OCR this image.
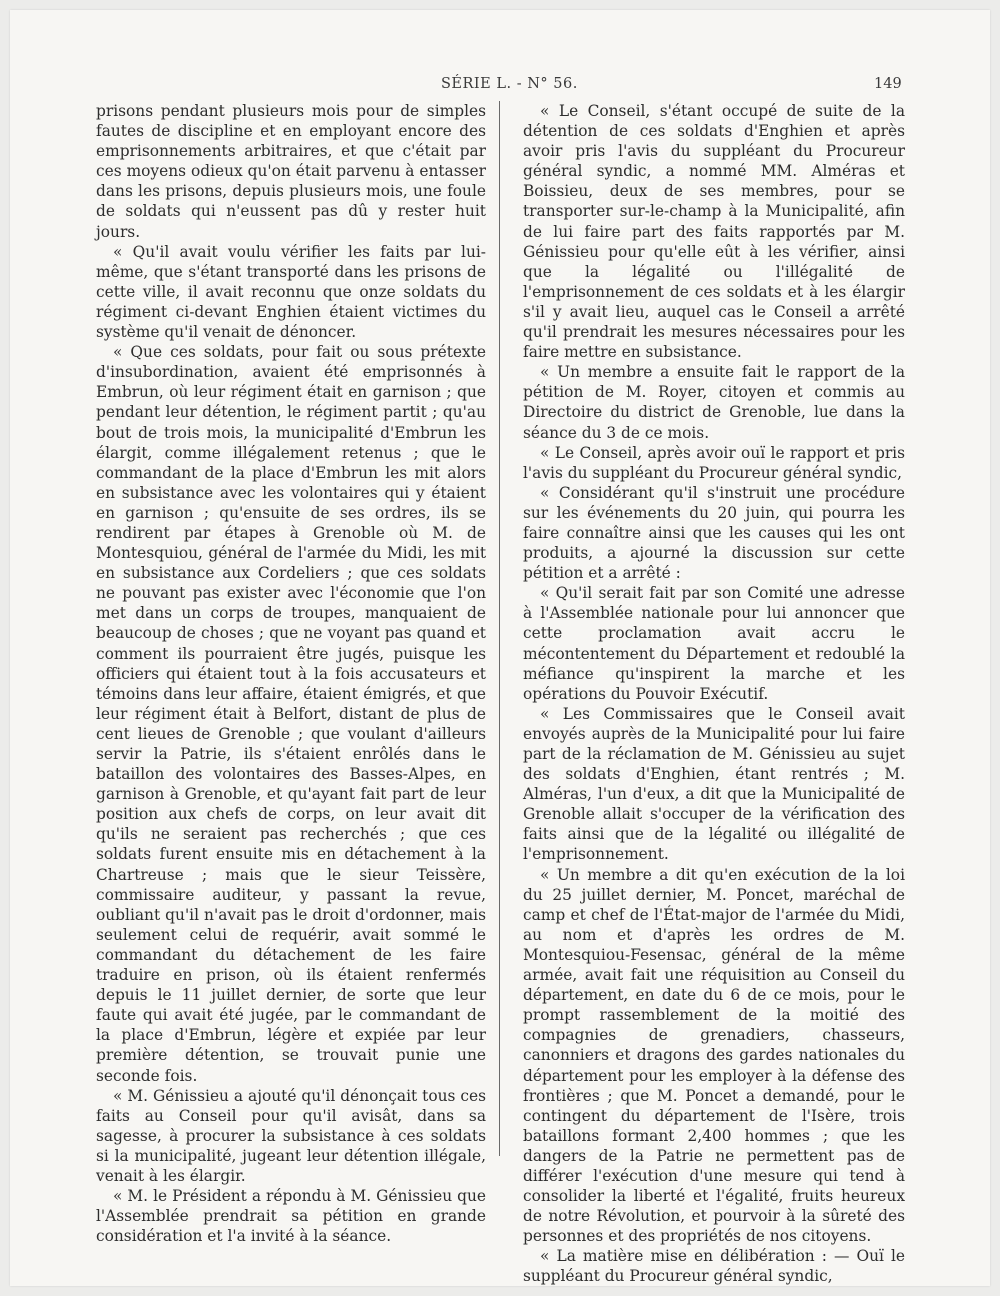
SÉRIE L. - N° 56.	149

prisons pendant plusieurs mois pour de simples fautes de discipline et en employant encore des emprisonnements arbitraires, et que c'était par ces moyens odieux qu'on était parvenu à entasser dans les prisons, depuis plusieurs mois, une foule de soldats qui n'eussent pas dû y rester huit jours.

« Qu'il avait voulu vérifier les faits par lui-même, que s'étant transporté dans les prisons de cette ville, il avait reconnu que onze soldats du régiment ci-devant Enghien étaient victimes du système qu'il venait de dénoncer.

« Que ces soldats, pour fait ou sous prétexte d'insubordination, avaient été emprisonnés à Embrun, où leur régiment était en garnison ; que pendant leur détention, le régiment partit ; qu'au bout de trois mois, la municipalité d'Embrun les élargit, comme illégalement retenus ; que le commandant de la place d'Embrun les mit alors en subsistance avec les volontaires qui y étaient en garnison ; qu'ensuite de ses ordres, ils se rendirent par étapes à Grenoble où M. de Montesquiou, général de l'armée du Midi, les mit en subsistance aux Cordeliers ; que ces soldats ne pouvant pas exister avec l'économie que l'on met dans un corps de troupes, manquaient de beaucoup de choses ; que ne voyant pas quand et comment ils pourraient être jugés, puisque les officiers qui étaient tout à la fois accusateurs et témoins dans leur affaire, étaient émigrés, et que leur régiment était à Belfort, distant de plus de cent lieues de Grenoble ; que voulant d'ailleurs servir la Patrie, ils s'étaient enrôlés dans le bataillon des volontaires des Basses-Alpes, en garnison à Grenoble, et qu'ayant fait part de leur position aux chefs de corps, on leur avait dit qu'ils ne seraient pas recherchés ; que ces soldats furent ensuite mis en détachement à la Chartreuse ; mais que le sieur Teissère, commissaire auditeur, y passant la revue, oubliant qu'il n'avait pas le droit d'ordonner, mais seulement celui de requérir, avait sommé le commandant du détachement de les faire traduire en prison, où ils étaient renfermés depuis le 11 juillet dernier, de sorte que leur faute qui avait été jugée, par le commandant de la place d'Embrun, légère et expiée par leur première détention, se trouvait punie une seconde fois.

« M. Génissieu a ajouté qu'il dénonçait tous ces faits au Conseil pour qu'il avisât, dans sa sagesse, à procurer la subsistance à ces soldats si la municipalité, jugeant leur détention illégale, venait à les élargir.

« M. le Président a répondu à M. Génissieu que l'Assemblée prendrait sa pétition en grande considération et l'a invité à la séance.

« Le Conseil, s'étant occupé de suite de la détention de ces soldats d'Enghien et après avoir pris l'avis du suppléant du Procureur général syndic, a nommé MM. Alméras et Boissieu, deux de ses membres, pour se transporter sur-le-champ à la Municipalité, afin de lui faire part des faits rapportés par M. Génissieu pour qu'elle eût à les vérifier, ainsi que la légalité ou l'illégalité de l'emprisonnement de ces soldats et à les élargir s'il y avait lieu, auquel cas le Conseil a arrêté qu'il prendrait les mesures nécessaires pour les faire mettre en subsistance.

« Un membre a ensuite fait le rapport de la pétition de M. Royer, citoyen et commis au Directoire du district de Grenoble, lue dans la séance du 3 de ce mois.

« Le Conseil, après avoir ouï le rapport et pris l'avis du suppléant du Procureur général syndic,

« Considérant qu'il s'instruit une procédure sur les événements du 20 juin, qui pourra les faire connaître ainsi que les causes qui les ont produits, a ajourné la discussion sur cette pétition et a arrêté :

« Qu'il serait fait par son Comité une adresse à l'Assemblée nationale pour lui annoncer que cette proclamation avait accru le mécontentement du Département et redoublé la méfiance qu'inspirent la marche et les opérations du Pouvoir Exécutif.

« Les Commissaires que le Conseil avait envoyés auprès de la Municipalité pour lui faire part de la réclamation de M. Génissieu au sujet des soldats d'Enghien, étant rentrés ; M. Alméras, l'un d'eux, a dit que la Municipalité de Grenoble allait s'occuper de la vérification des faits ainsi que de la légalité ou illégalité de l'emprisonnement.

« Un membre a dit qu'en exécution de la loi du 25 juillet dernier, M. Poncet, maréchal de camp et chef de l'État-major de l'armée du Midi, au nom et d'après les ordres de M. Montesquiou-Fesensac, général de la même armée, avait fait une réquisition au Conseil du département, en date du 6 de ce mois, pour le prompt rassemblement de la moitié des compagnies de grenadiers, chasseurs, canonniers et dragons des gardes nationales du département pour les employer à la défense des frontières ; que M. Poncet a demandé, pour le contingent du département de l'Isère, trois bataillons formant 2,400 hommes ; que les dangers de la Patrie ne permettent pas de différer l'exécution d'une mesure qui tend à consolider la liberté et l'égalité, fruits heureux de notre Révolution, et pourvoir à la sûreté des personnes et des propriétés de nos citoyens.

« La matière mise en délibération : — Ouï le suppléant du Procureur général syndic,
